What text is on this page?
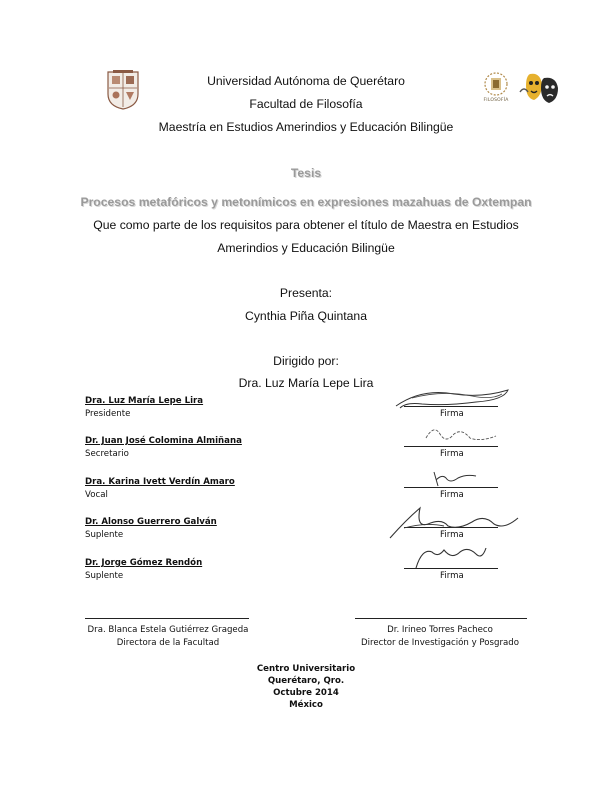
FILOSOFÍA
Universidad Autónoma de Querétaro
Facultad de Filosofía
Maestría en Estudios Amerindios y Educación Bilingüe
Tesis
Procesos metafóricos y metonímicos en expresiones mazahuas de Oxtempan
Que como parte de los requisitos para obtener el título de Maestra en Estudios
Amerindios y Educación Bilingüe
Presenta:
Cynthia Piña Quintana
Dirigido por:
Dra. Luz María Lepe Lira
Dra. Luz María Lepe Lira
Presidente	Firma
Dr. Juan José Colomina Almiñana
Secretario	Firma
Dra. Karina Ivett Verdín Amaro
Vocal	Firma
Dr. Alonso Guerrero Galván
Suplente	Firma
Dr. Jorge Gómez Rendón
Suplente	Firma
Dra. Blanca Estela Gutiérrez Grageda
Directora de la Facultad
Dr. Irineo Torres Pacheco
Director de Investigación y Posgrado
Centro Universitario
Querétaro, Qro.
Octubre 2014
México
